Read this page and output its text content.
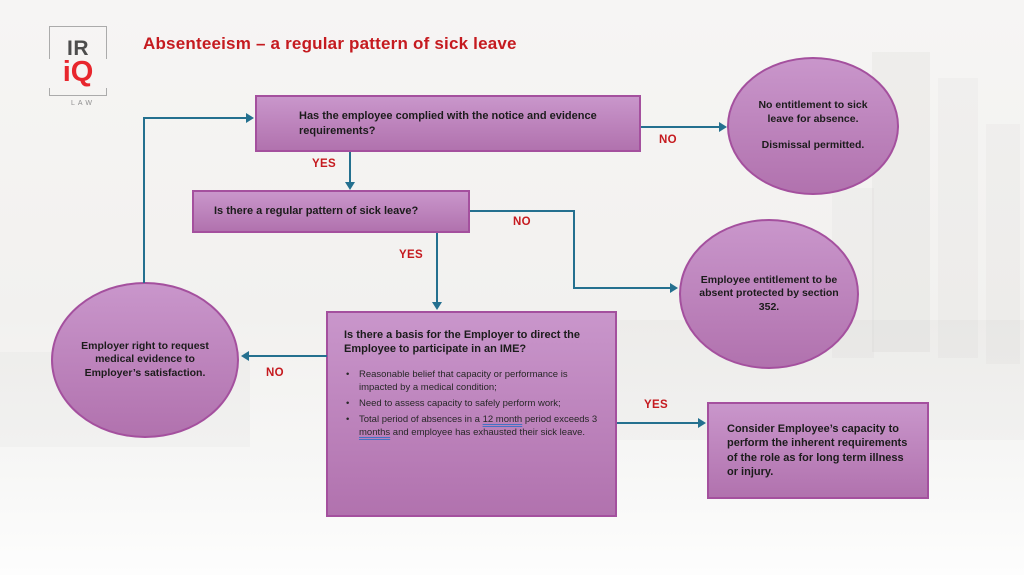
IR
iQ
LAW
Absenteeism – a regular pattern of sick leave
Has the employee complied with the notice and evidence requirements?
No entitlement to sick leave for absence.
Dismissal permitted.
Is there a regular pattern of sick leave?
Employee entitlement to be absent protected by section 352.
Is there a basis for the Employer to direct the Employee to participate in an IME?
• Reasonable belief that capacity or performance is impacted by a medical condition;
• Need to assess capacity to safely perform work;
• Total period of absences in a 12 month period exceeds 3 months and employee has exhausted their sick leave.
Employer right to request medical evidence to Employer’s satisfaction.
Consider Employee’s capacity to perform the inherent requirements of the role as for long term illness or injury.
YES
NO
NO
YES
NO
YES
